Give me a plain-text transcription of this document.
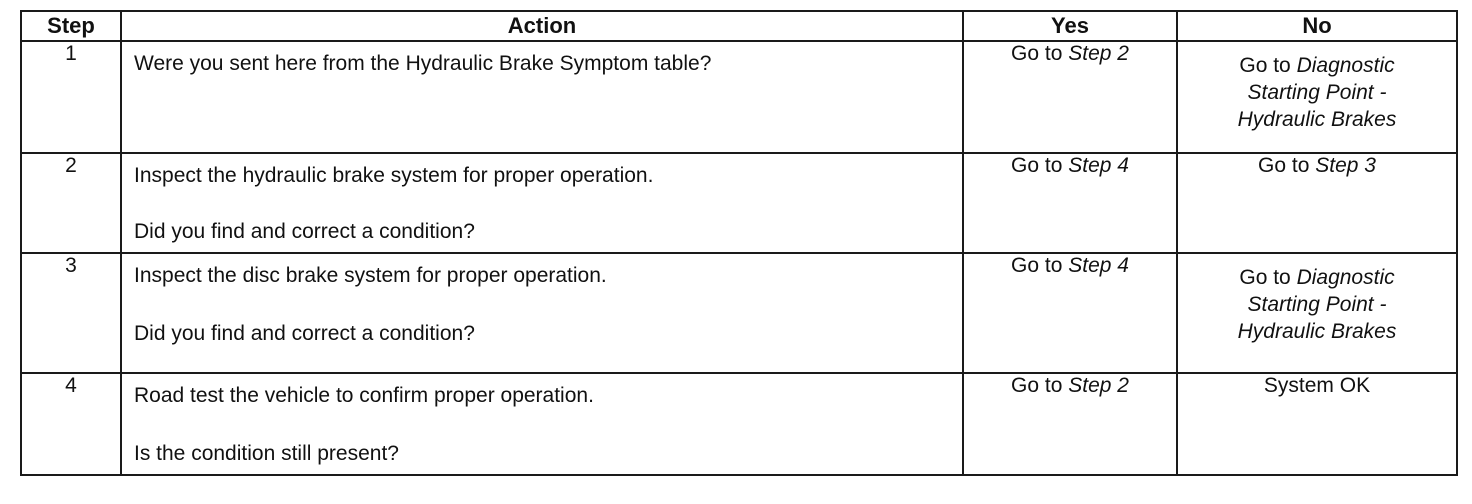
Step	Action	Yes	No
1	Were you sent here from the Hydraulic Brake Symptom table?	Go to Step 2	Go to Diagnostic
Starting Point -
Hydraulic Brakes

2	Inspect the hydraulic brake system for proper operation.
Did you find and correct a condition?	Go to Step 4	Go to Step 3

3	Inspect the disc brake system for proper operation.
Did you find and correct a condition?	Go to Step 4	Go to Diagnostic
Starting Point -
Hydraulic Brakes

4	Road test the vehicle to confirm proper operation.
Is the condition still present?	Go to Step 2	System OK
